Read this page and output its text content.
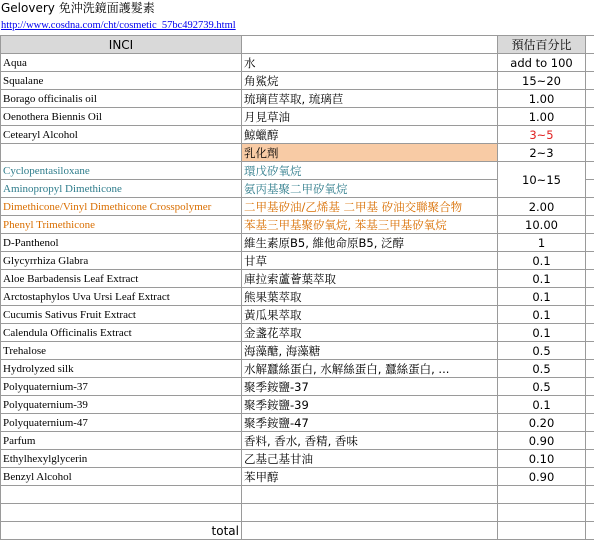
Gelovery 免沖洗鏡面護髮素
http://www.cosdna.com/cht/cosmetic_57bc492739.html
INCI		預估百分比	
Aqua	水	add to 100	
Squalane	角鯊烷	15~20	
Borago officinalis oil	琉璃苣萃取, 琉璃苣	1.00	
Oenothera Biennis Oil	月見草油	1.00	
Cetearyl Alcohol	鯨蠟醇	3~5	
	乳化劑	2~3	
Cyclopentasiloxane	環戊矽氧烷	10~15	
Aminopropyl Dimethicone	氨丙基聚二甲矽氧烷		
Dimethicone/Vinyl Dimethicone Crosspolymer	二甲基矽油/乙烯基 二甲基 矽油交聯聚合物	2.00	
Phenyl Trimethicone	苯基三甲基聚矽氧烷, 苯基三甲基矽氧烷	10.00	
D-Panthenol	維生素原B5, 維他命原B5, 泛醇	1	
Glycyrrhiza Glabra	甘草	0.1	
Aloe Barbadensis Leaf Extract	庫拉索蘆薈葉萃取	0.1	
Arctostaphylos Uva Ursi Leaf Extract	熊果葉萃取	0.1	
Cucumis Sativus Fruit Extract	黃瓜果萃取	0.1	
Calendula Officinalis Extract	金盞花萃取	0.1	
Trehalose	海藻醣, 海藻糖	0.5	
Hydrolyzed silk	水解蠶絲蛋白, 水解絲蛋白, 蠶絲蛋白, ...	0.5	
Polyquaternium-37	聚季銨鹽-37	0.5	
Polyquaternium-39	聚季銨鹽-39	0.1	
Polyquaternium-47	聚季銨鹽-47	0.20	
Parfum	香料, 香水, 香精, 香味	0.90	
Ethylhexylglycerin	乙基己基甘油	0.10	
Benzyl Alcohol	苯甲醇	0.90	

total			
